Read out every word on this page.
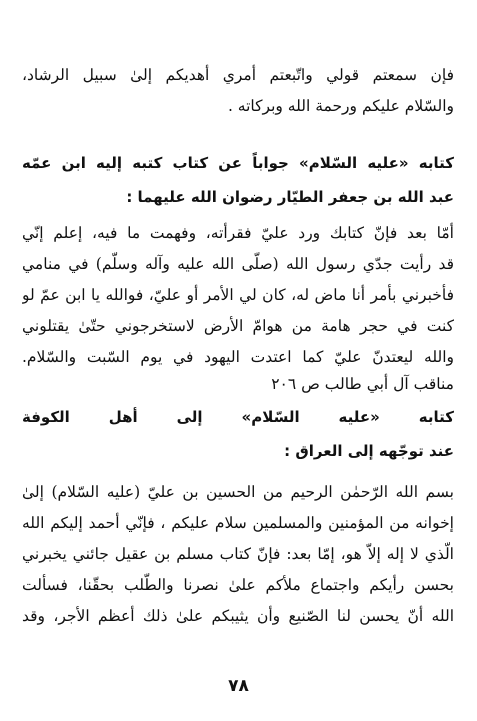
فإن سمعتم قولي واتّبعتم أمري أهديكم إلىٰ سبيل الرشاد،
والسّلام عليكم ورحمة الله وبركاته .
كتابه «عليه السّلام» جواباً عن كتاب كتبه إليه ابن عمّه
عبد الله بن جعفر الطيّار رضوان الله عليهما :
أمّا بعد فإنّ كتابك ورد عليّ فقرأته، وفهمت ما فيه، إعلم إنّي
قد رأيت جدّي رسول الله (صلّى الله عليه وآله وسلّم) في منامي
فأخبرني بأمر أنا ماض له، كان لي الأمر أو عليّ، فوالله يا ابن عمّ لو
كنت في حجر هامة من هوامّ الأرض لاستخرجوني حتّىٰ يقتلوني
والله ليعتدنّ عليّ كما اعتدت اليهود في يوم السّبت والسّلام.
مناقب آل أبي طالب ص ٢٠٦
كتابه «عليه السّلام» إلى أهل الكوفة
عند توجّهه إلى العراق :
بسم الله الرّحمٰن الرحيم من الحسين بن عليّ (عليه السّلام) إلىٰ
إخوانه من المؤمنين والمسلمين سلام عليكم ، فإنّي أحمد إليكم الله
الّذي لا إله إلاّ هو، إمّا بعد: فإنّ كتاب مسلم بن عقيل جائني يخبرني
بحسن رأيكم واجتماع ملأكم علىٰ نصرنا والطّلب بحقّنا، فسألت
الله أنّ يحسن لنا الصّنيع وأن يثيبكم علىٰ ذلك أعظم الأجر، وقد
٧٨
